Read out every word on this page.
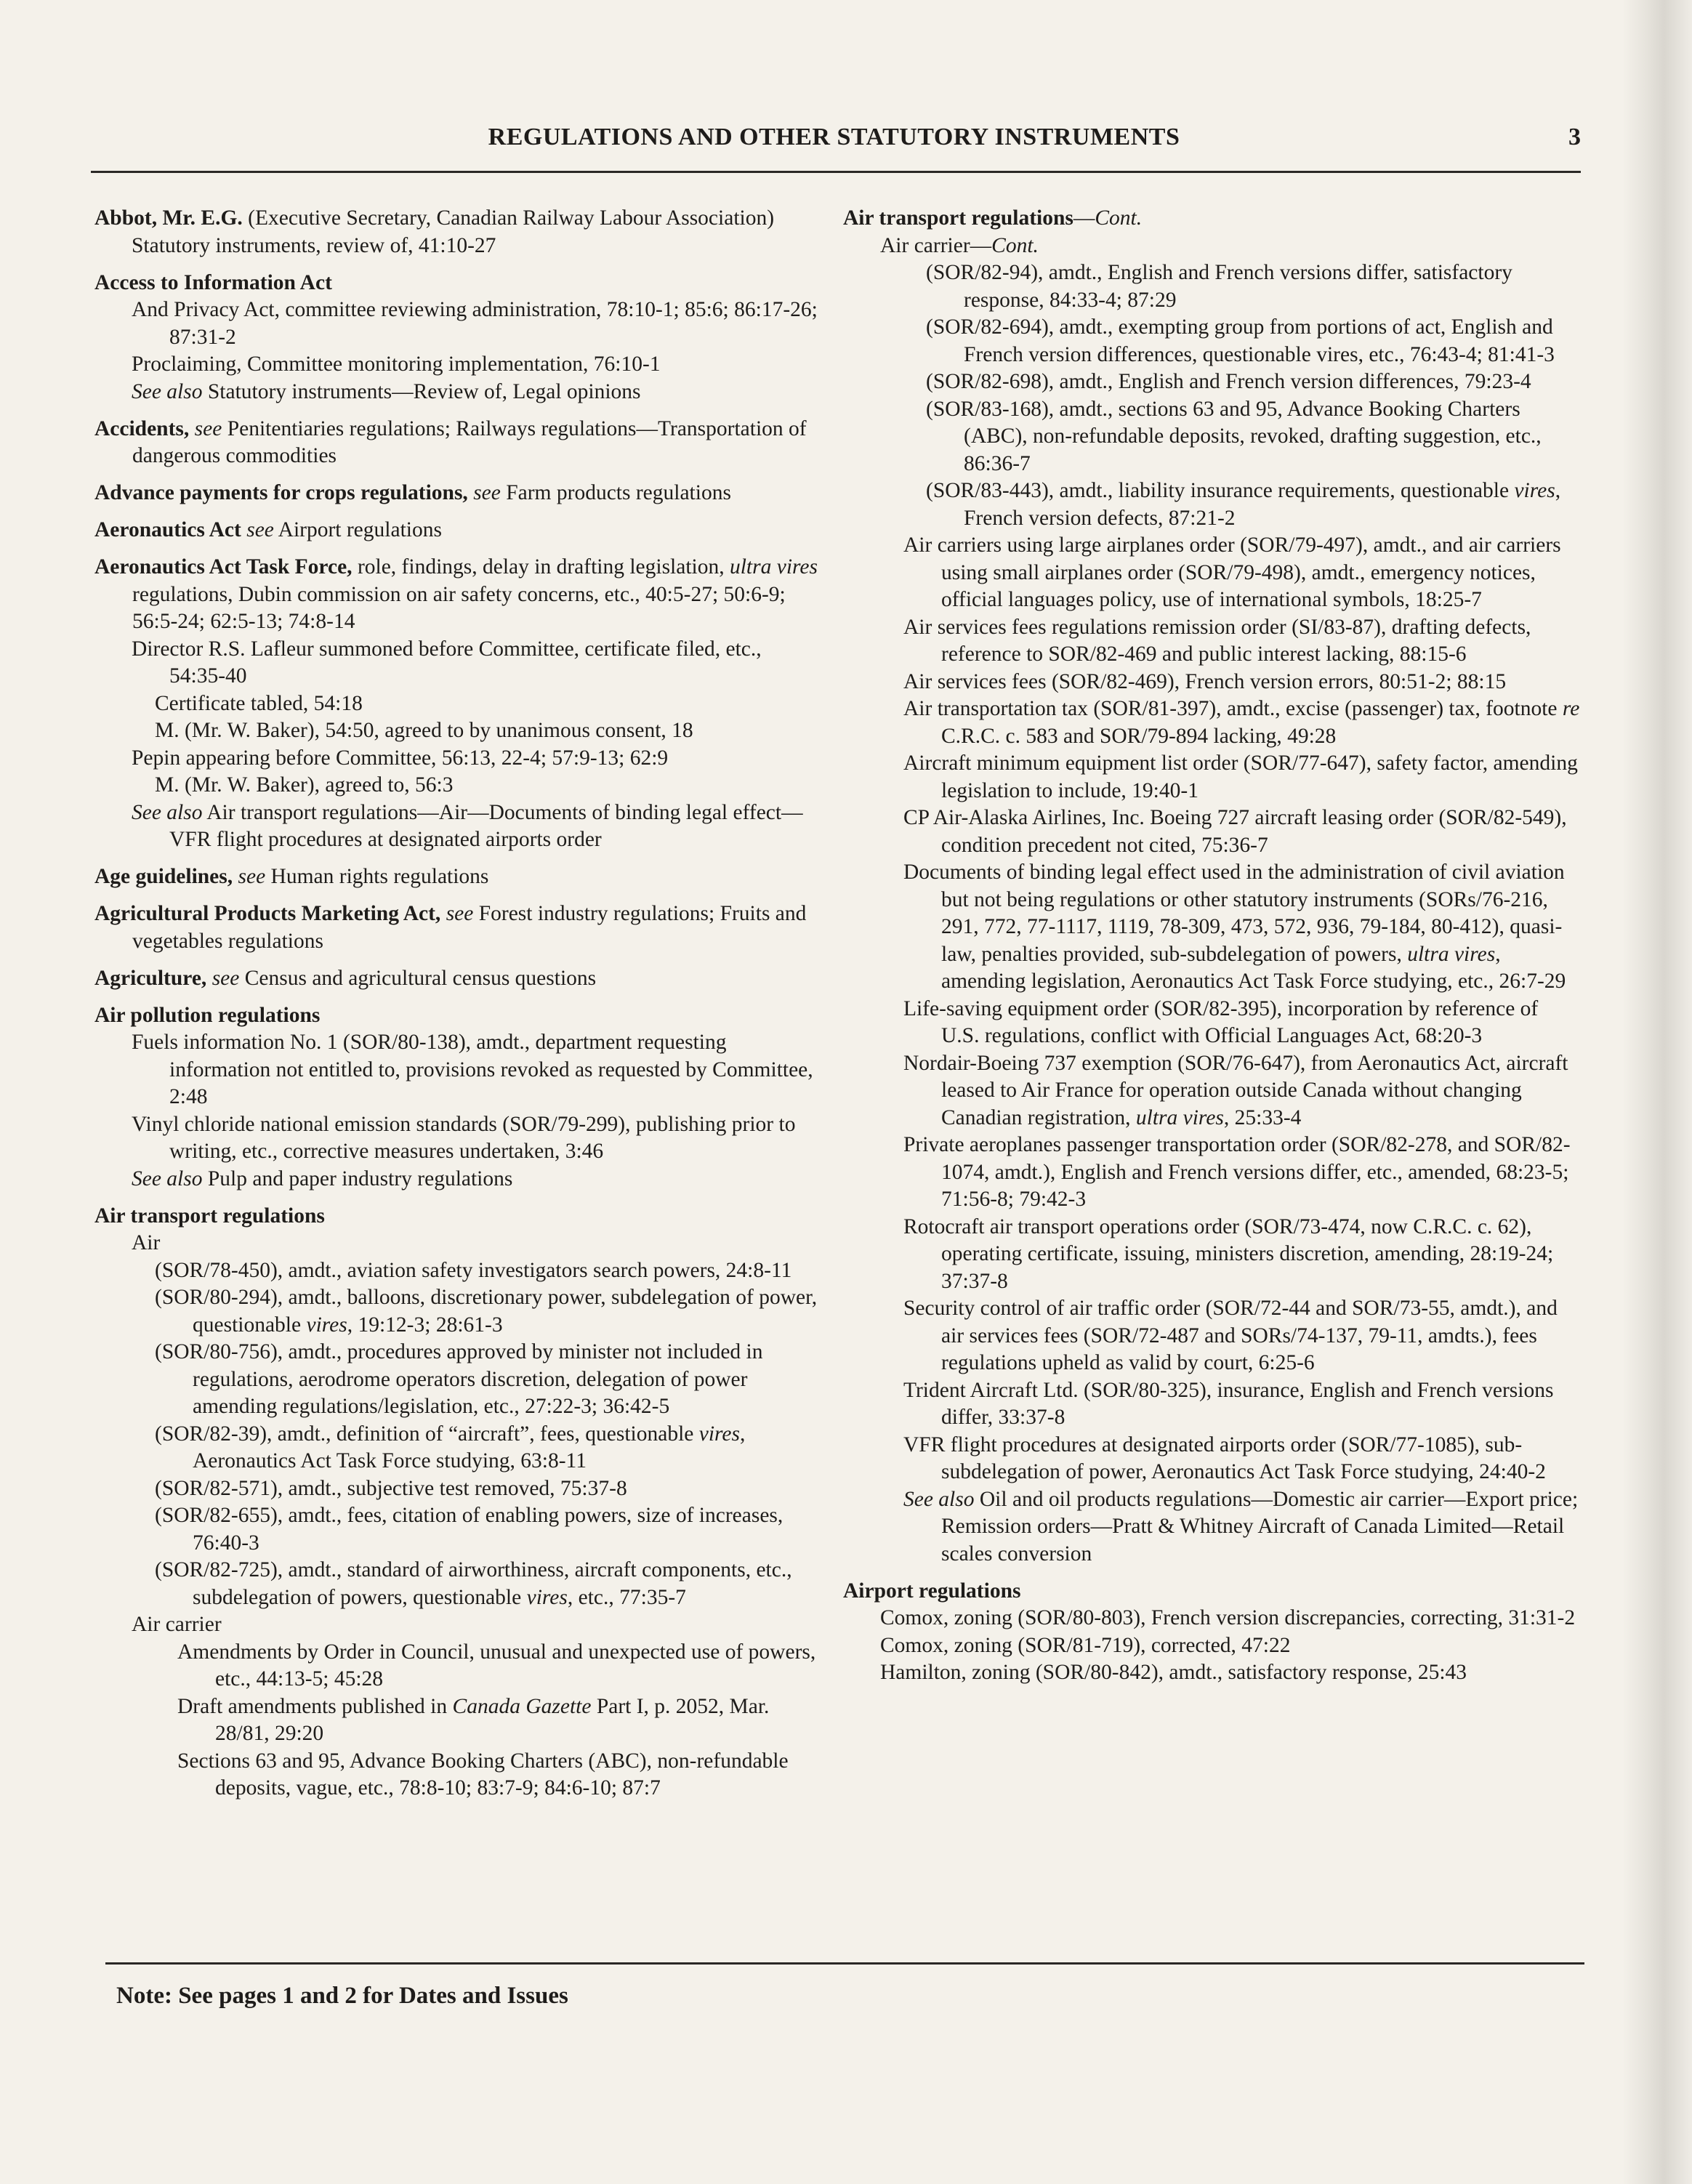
REGULATIONS AND OTHER STATUTORY INSTRUMENTS	3
Abbot, Mr. E.G. (Executive Secretary, Canadian Railway Labour Association)
Statutory instruments, review of, 41:10-27
Access to Information Act
And Privacy Act, committee reviewing administration, 78:10-1; 85:6; 86:17-26; 87:31-2
Proclaiming, Committee monitoring implementation, 76:10-1
See also Statutory instruments—Review of, Legal opinions
Accidents, see Penitentiaries regulations; Railways regulations—Transportation of dangerous commodities
Advance payments for crops regulations, see Farm products regulations
Aeronautics Act see Airport regulations
Aeronautics Act Task Force, role, findings, delay in drafting legislation, ultra vires regulations, Dubin commission on air safety concerns, etc., 40:5-27; 50:6-9; 56:5-24; 62:5-13; 74:8-14
Director R.S. Lafleur summoned before Committee, certificate filed, etc., 54:35-40
Certificate tabled, 54:18
M. (Mr. W. Baker), 54:50, agreed to by unanimous consent, 18
Pepin appearing before Committee, 56:13, 22-4; 57:9-13; 62:9
M. (Mr. W. Baker), agreed to, 56:3
See also Air transport regulations—Air—Documents of binding legal effect—VFR flight procedures at designated airports order
Age guidelines, see Human rights regulations
Agricultural Products Marketing Act, see Forest industry regulations; Fruits and vegetables regulations
Agriculture, see Census and agricultural census questions
Air pollution regulations
Fuels information No. 1 (SOR/80-138), amdt., department requesting information not entitled to, provisions revoked as requested by Committee, 2:48
Vinyl chloride national emission standards (SOR/79-299), publishing prior to writing, etc., corrective measures undertaken, 3:46
See also Pulp and paper industry regulations
Air transport regulations
Air
(SOR/78-450), amdt., aviation safety investigators search powers, 24:8-11
(SOR/80-294), amdt., balloons, discretionary power, subdelegation of power, questionable vires, 19:12-3; 28:61-3
(SOR/80-756), amdt., procedures approved by minister not included in regulations, aerodrome operators discretion, delegation of power amending regulations/legislation, etc., 27:22-3; 36:42-5
(SOR/82-39), amdt., definition of “aircraft”, fees, questionable vires, Aeronautics Act Task Force studying, 63:8-11
(SOR/82-571), amdt., subjective test removed, 75:37-8
(SOR/82-655), amdt., fees, citation of enabling powers, size of increases, 76:40-3
(SOR/82-725), amdt., standard of airworthiness, aircraft components, etc., subdelegation of powers, questionable vires, etc., 77:35-7
Air carrier
Amendments by Order in Council, unusual and unexpected use of powers, etc., 44:13-5; 45:28
Draft amendments published in Canada Gazette Part I, p. 2052, Mar. 28/81, 29:20
Sections 63 and 95, Advance Booking Charters (ABC), non-refundable deposits, vague, etc., 78:8-10; 83:7-9; 84:6-10; 87:7
Air transport regulations—Cont.
Air carrier—Cont.
(SOR/82-94), amdt., English and French versions differ, satisfactory response, 84:33-4; 87:29
(SOR/82-694), amdt., exempting group from portions of act, English and French version differences, questionable vires, etc., 76:43-4; 81:41-3
(SOR/82-698), amdt., English and French version differences, 79:23-4
(SOR/83-168), amdt., sections 63 and 95, Advance Booking Charters (ABC), non-refundable deposits, revoked, drafting suggestion, etc., 86:36-7
(SOR/83-443), amdt., liability insurance requirements, questionable vires, French version defects, 87:21-2
Air carriers using large airplanes order (SOR/79-497), amdt., and air carriers using small airplanes order (SOR/79-498), amdt., emergency notices, official languages policy, use of international symbols, 18:25-7
Air services fees regulations remission order (SI/83-87), drafting defects, reference to SOR/82-469 and public interest lacking, 88:15-6
Air services fees (SOR/82-469), French version errors, 80:51-2; 88:15
Air transportation tax (SOR/81-397), amdt., excise (passenger) tax, footnote re C.R.C. c. 583 and SOR/79-894 lacking, 49:28
Aircraft minimum equipment list order (SOR/77-647), safety factor, amending legislation to include, 19:40-1
CP Air-Alaska Airlines, Inc. Boeing 727 aircraft leasing order (SOR/82-549), condition precedent not cited, 75:36-7
Documents of binding legal effect used in the administration of civil aviation but not being regulations or other statutory instruments (SORs/76-216, 291, 772, 77-1117, 1119, 78-309, 473, 572, 936, 79-184, 80-412), quasi-law, penalties provided, sub-subdelegation of powers, ultra vires, amending legislation, Aeronautics Act Task Force studying, etc., 26:7-29
Life-saving equipment order (SOR/82-395), incorporation by reference of U.S. regulations, conflict with Official Languages Act, 68:20-3
Nordair-Boeing 737 exemption (SOR/76-647), from Aeronautics Act, aircraft leased to Air France for operation outside Canada without changing Canadian registration, ultra vires, 25:33-4
Private aeroplanes passenger transportation order (SOR/82-278, and SOR/82-1074, amdt.), English and French versions differ, etc., amended, 68:23-5; 71:56-8; 79:42-3
Rotocraft air transport operations order (SOR/73-474, now C.R.C. c. 62), operating certificate, issuing, ministers discretion, amending, 28:19-24; 37:37-8
Security control of air traffic order (SOR/72-44 and SOR/73-55, amdt.), and air services fees (SOR/72-487 and SORs/74-137, 79-11, amdts.), fees regulations upheld as valid by court, 6:25-6
Trident Aircraft Ltd. (SOR/80-325), insurance, English and French versions differ, 33:37-8
VFR flight procedures at designated airports order (SOR/77-1085), sub-subdelegation of power, Aeronautics Act Task Force studying, 24:40-2
See also Oil and oil products regulations—Domestic air carrier—Export price; Remission orders—Pratt & Whitney Aircraft of Canada Limited—Retail scales conversion
Airport regulations
Comox, zoning (SOR/80-803), French version discrepancies, correcting, 31:31-2
Comox, zoning (SOR/81-719), corrected, 47:22
Hamilton, zoning (SOR/80-842), amdt., satisfactory response, 25:43
Note: See pages 1 and 2 for Dates and Issues
